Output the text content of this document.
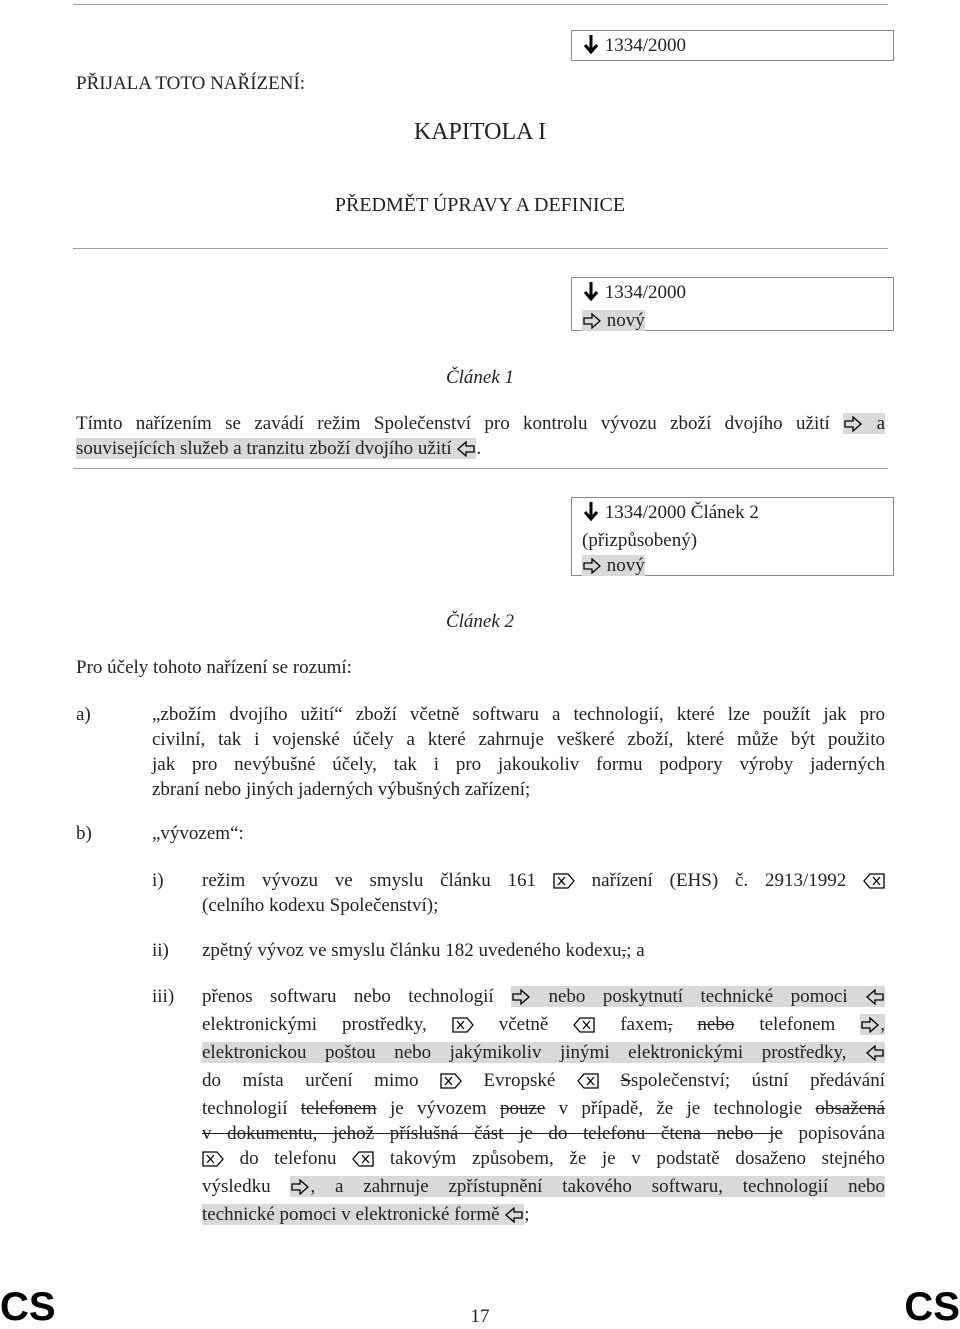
1334/2000
PŘIJALA TOTO NAŘÍZENÍ:
KAPITOLA I
PŘEDMĚT ÚPRAVY A DEFINICE
1334/2000
nový
Článek 1
Tímto nařízením se zavádí režim Společenství pro kontrolu vývozu zboží dvojího užití a
souvisejících služeb a tranzitu zboží dvojího užití .
1334/2000 Článek 2
(přizpůsobený)
nový
Článek 2
Pro účely tohoto nařízení se rozumí:
a)	„zbožím dvojího užití“ zboží včetně softwaru a technologií, které lze použít jak pro
civilní, tak i vojenské účely a které zahrnuje veškeré zboží, které může být použito
jak pro nevýbušné účely, tak i pro jakoukoliv formu podpory výroby jaderných
zbraní nebo jiných jaderných výbušných zařízení;
b)	„vývozem“:
i) režim vývozu ve smyslu článku 161	nařízení (EHS) č. 2913/1992
(celního kodexu Společenství);
ii) zpětný vývoz ve smyslu článku 182 uvedeného kodexu,; a
iii) přenos softwaru nebo technologií	nebo poskytnutí technické pomoci
elektronickými prostředky,	včetně	faxem, nebo telefonem ,
elektronickou poštou nebo jakýmikoliv jinými elektronickými prostředky,
do místa určení mimo	Evropské	Sspolečenství; ústní předávání
technologií telefonem je vývozem pouze v případě, že je technologie obsažená
v dokumentu, jehož příslušná část je do telefonu čtena nebo je popisována
do telefonu	takovým způsobem, že je v podstatě dosaženo stejného
výsledku , a zahrnuje zpřístupnění takového softwaru, technologií nebo
technické pomoci v elektronické formě ;
CS	17	CS
